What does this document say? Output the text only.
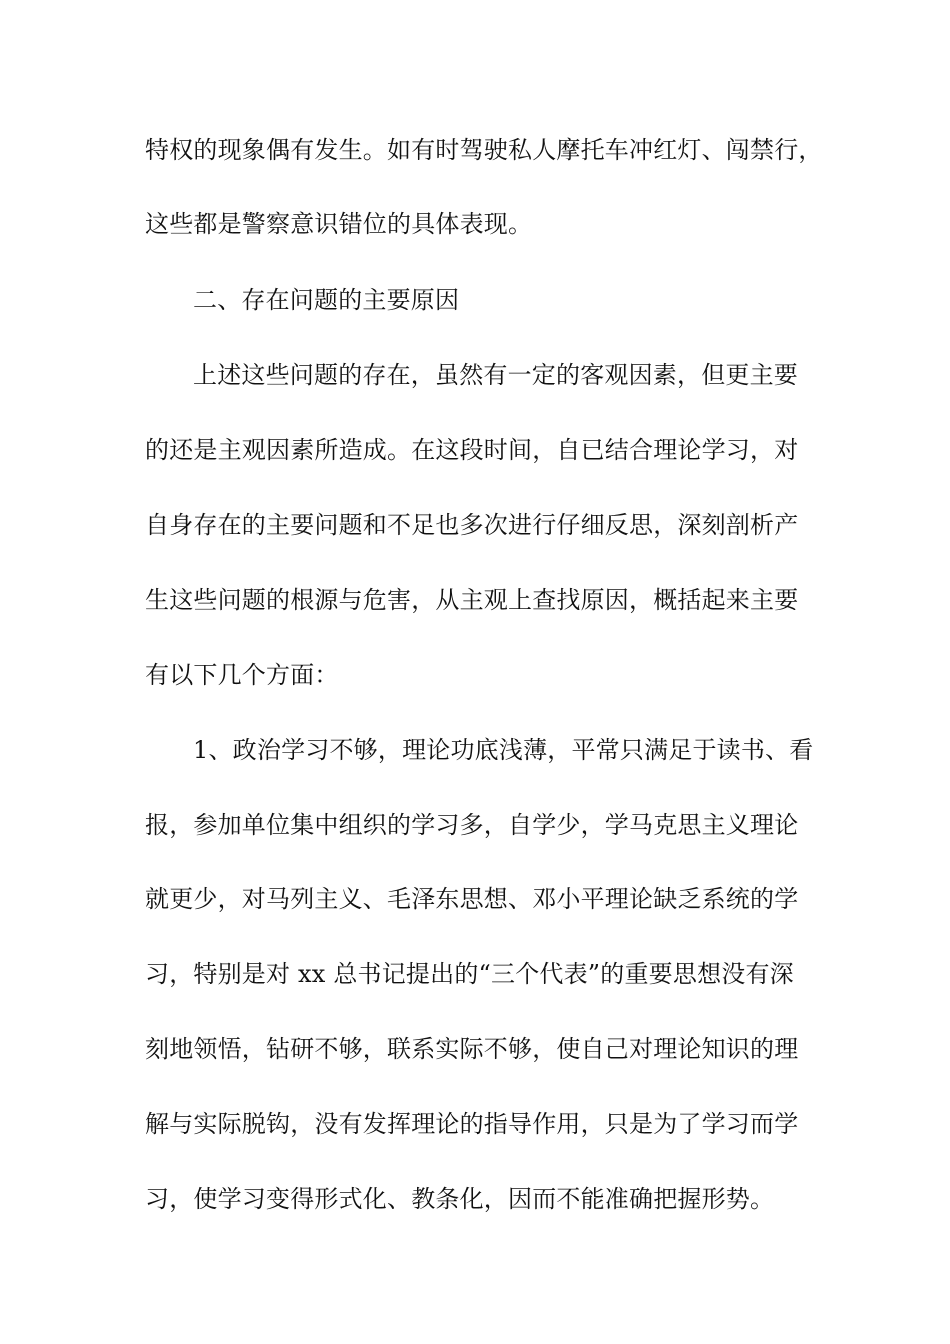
特权的现象偶有发生。如有时驾驶私人摩托车冲红灯、闯禁行，
这些都是警察意识错位的具体表现。
二、存在问题的主要原因
上述这些问题的存在，虽然有一定的客观因素，但更主要
的还是主观因素所造成。在这段时间，自已结合理论学习，对
自身存在的主要问题和不足也多次进行仔细反思，深刻剖析产
生这些问题的根源与危害，从主观上查找原因，概括起来主要
有以下几个方面：
1、政治学习不够，理论功底浅薄，平常只满足于读书、看
报，参加单位集中组织的学习多，自学少，学马克思主义理论
就更少，对马列主义、毛泽东思想、邓小平理论缺乏系统的学
习，特别是对 xx 总书记提出的“三个代表”的重要思想没有深
刻地领悟，钻研不够，联系实际不够，使自己对理论知识的理
解与实际脱钩，没有发挥理论的指导作用，只是为了学习而学
习，使学习变得形式化、教条化，因而不能准确把握形势。
